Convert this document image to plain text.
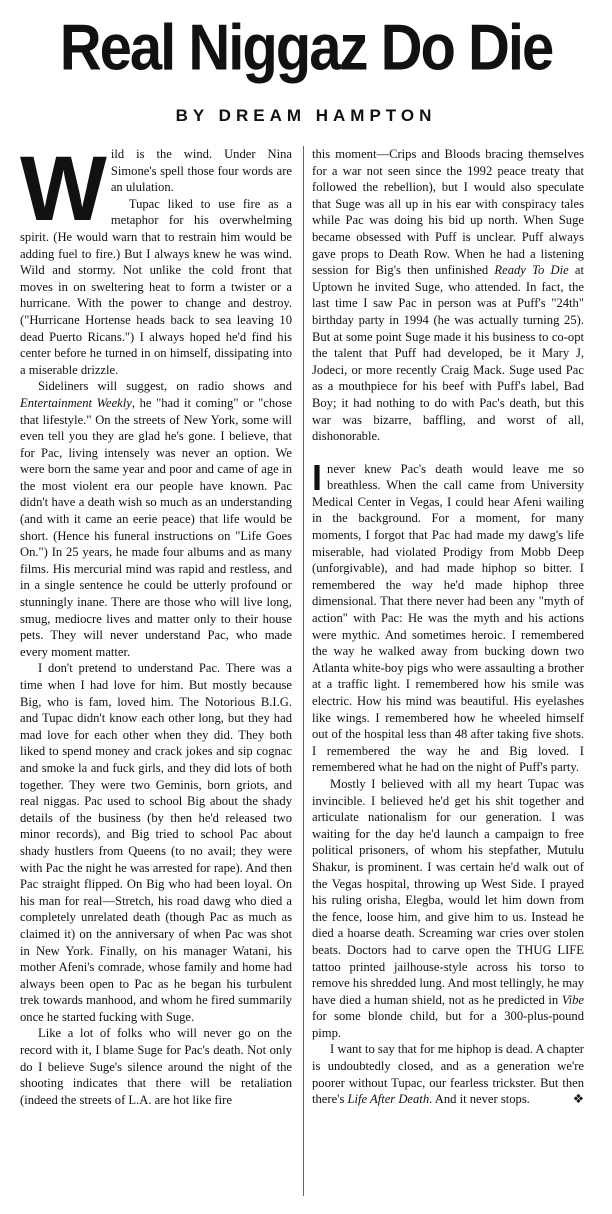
Real Niggaz Do Die
BY DREAM HAMPTON

Wild is the wind. Under Nina Simone's spell those four words are an ululation.

Tupac liked to use fire as a metaphor for his overwhelming spirit. (He would warn that to restrain him would be adding fuel to fire.) But I always knew he was wind. Wild and stormy. Not unlike the cold front that moves in on sweltering heat to form a twister or a hurricane. With the power to change and destroy. ("Hurricane Hortense heads back to sea leaving 10 dead Puerto Ricans.") I always hoped he'd find his center before he turned in on himself, dissipating into a miserable drizzle.

Sideliners will suggest, on radio shows and Entertainment Weekly, he "had it coming" or "chose that lifestyle." On the streets of New York, some will even tell you they are glad he's gone. I believe, that for Pac, living intensely was never an option. We were born the same year and poor and came of age in the most violent era our people have known. Pac didn't have a death wish so much as an understanding (and with it came an eerie peace) that life would be short. (Hence his funeral instructions on "Life Goes On.") In 25 years, he made four albums and as many films. His mercurial mind was rapid and restless, and in a single sentence he could be utterly profound or stunningly inane. There are those who will live long, smug, mediocre lives and matter only to their house pets. They will never understand Pac, who made every moment matter.

I don't pretend to understand Pac. There was a time when I had love for him. But mostly because Big, who is fam, loved him. The Notorious B.I.G. and Tupac didn't know each other long, but they had mad love for each other when they did. They both liked to spend money and crack jokes and sip cognac and smoke la and fuck girls, and they did lots of both together. They were two Geminis, born griots, and real niggas. Pac used to school Big about the shady details of the business (by then he'd released two minor records), and Big tried to school Pac about shady hustlers from Queens (to no avail; they were with Pac the night he was arrested for rape). And then Pac straight flipped. On Big who had been loyal. On his man for real—Stretch, his road dawg who died a completely unrelated death (though Pac as much as claimed it) on the anniversary of when Pac was shot in New York. Finally, on his manager Watani, his mother Afeni's comrade, whose family and home had always been open to Pac as he began his turbulent trek towards manhood, and whom he fired summarily once he started fucking with Suge.

Like a lot of folks who will never go on the record with it, I blame Suge for Pac's death. Not only do I believe Suge's silence around the night of the shooting indicates that there will be retaliation (indeed the streets of L.A. are hot like fire

this moment—Crips and Bloods bracing themselves for a war not seen since the 1992 peace treaty that followed the rebellion), but I would also speculate that Suge was all up in his ear with conspiracy tales while Pac was doing his bid up north. When Suge became obsessed with Puff is unclear. Puff always gave props to Death Row. When he had a listening session for Big's then unfinished Ready To Die at Uptown he invited Suge, who attended. In fact, the last time I saw Pac in person was at Puff's "24th" birthday party in 1994 (he was actually turning 25). But at some point Suge made it his business to co-opt the talent that Puff had developed, be it Mary J, Jodeci, or more recently Craig Mack. Suge used Pac as a mouthpiece for his beef with Puff's label, Bad Boy; it had nothing to do with Pac's death, but this war was bizarre, baffling, and worst of all, dishonorable.

I never knew Pac's death would leave me so breathless. When the call came from University Medical Center in Vegas, I could hear Afeni wailing in the background. For a moment, for many moments, I forgot that Pac had made my dawg's life miserable, had violated Prodigy from Mobb Deep (unforgivable), and had made hiphop so bitter. I remembered the way he'd made hiphop three dimensional. That there never had been any "myth of action" with Pac: He was the myth and his actions were mythic. And sometimes heroic. I remembered the way he walked away from bucking down two Atlanta white-boy pigs who were assaulting a brother at a traffic light. I remembered how his smile was electric. How his mind was beautiful. His eyelashes like wings. I remembered how he wheeled himself out of the hospital less than 48 after taking five shots. I remembered the way he and Big loved. I remembered what he had on the night of Puff's party.

Mostly I believed with all my heart Tupac was invincible. I believed he'd get his shit together and articulate nationalism for our generation. I was waiting for the day he'd launch a campaign to free political prisoners, of whom his stepfather, Mutulu Shakur, is prominent. I was certain he'd walk out of the Vegas hospital, throwing up West Side. I prayed his ruling orisha, Elegba, would let him down from the fence, loose him, and give him to us. Instead he died a hoarse death. Screaming war cries over stolen beats. Doctors had to carve open the THUG LIFE tattoo printed jailhouse-style across his torso to remove his shredded lung. And most tellingly, he may have died a human shield, not as he predicted in Vibe for some blonde child, but for a 300-plus-pound pimp.

I want to say that for me hiphop is dead. A chapter is undoubtedly closed, and as a generation we're poorer without Tupac, our fearless trickster. But then there's Life After Death. And it never stops.	❖
